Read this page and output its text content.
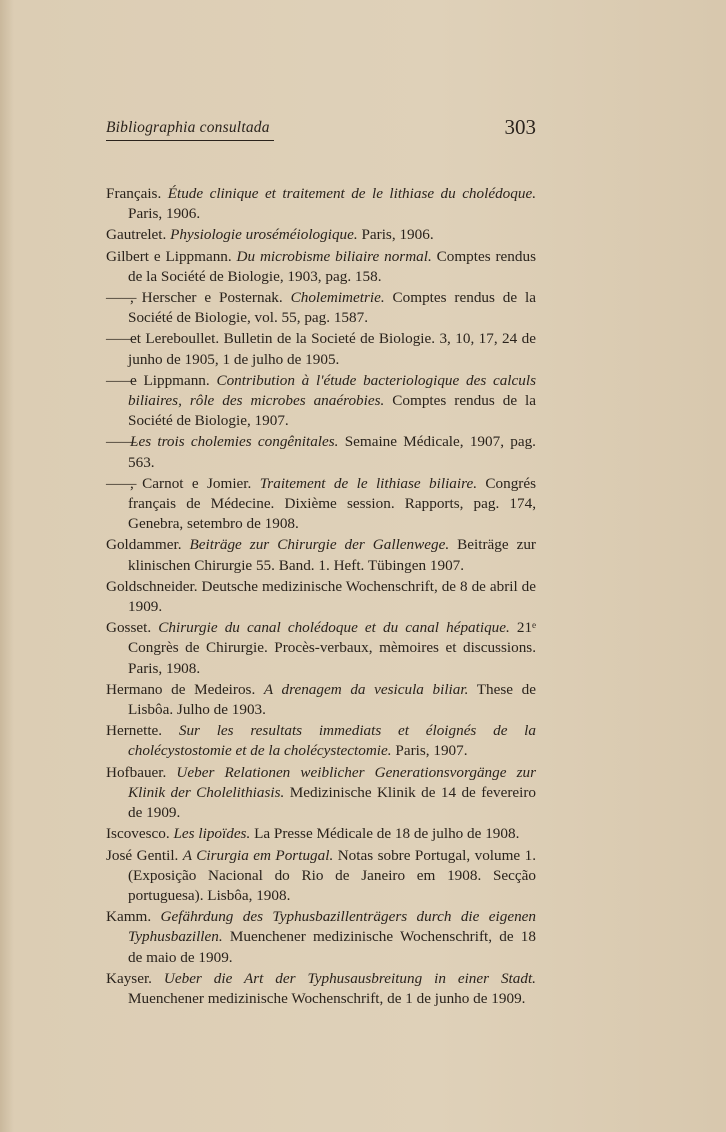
Bibliographia consultada	303
Français. Étude clinique et traitement de le lithiase du cholédoque. Paris, 1906.
Gautrelet. Physiologie uroséméiologique. Paris, 1906.
Gilbert e Lippmann. Du microbisme biliaire normal. Comptes rendus de la Société de Biologie, 1903, pag. 158.
——, Herscher e Posternak. Cholemimetrie. Comptes rendus de la Société de Biologie, vol. 55, pag. 1587.
——et Lereboullet. Bulletin de la Societé de Biologie. 3, 10, 17, 24 de junho de 1905, 1 de julho de 1905.
——e Lippmann. Contribution à l'étude bacteriologique des calculs biliaires, rôle des microbes anaérobies. Comptes rendus de la Société de Biologie, 1907.
——Les trois cholemies congênitales. Semaine Médicale, 1907, pag. 563.
——, Carnot e Jomier. Traitement de le lithiase biliaire. Congrés français de Médecine. Dixième session. Rapports, pag. 174, Genebra, setembro de 1908.
Goldammer. Beiträge zur Chirurgie der Gallenwege. Beiträge zur klinischen Chirurgie 55. Band. 1. Heft. Tübingen 1907.
Goldschneider. Deutsche medizinische Wochenschrift, de 8 de abril de 1909.
Gosset. Chirurgie du canal cholédoque et du canal hépatique. 21ᵉ Congrès de Chirurgie. Procès-verbaux, mèmoires et discussions. Paris, 1908.
Hermano de Medeiros. A drenagem da vesicula biliar. These de Lisbôa. Julho de 1903.
Hernette. Sur les resultats immediats et éloignés de la cholécystostomie et de la cholécystectomie. Paris, 1907.
Hofbauer. Ueber Relationen weiblicher Generationsvorgänge zur Klinik der Cholelithiasis. Medizinische Klinik de 14 de fevereiro de 1909.
Iscovesco. Les lipoïdes. La Presse Médicale de 18 de julho de 1908.
José Gentil. A Cirurgia em Portugal. Notas sobre Portugal, volume 1. (Exposição Nacional do Rio de Janeiro em 1908. Secção portuguesa). Lisbôa, 1908.
Kamm. Gefährdung des Typhusbazillenträgers durch die eigenen Typhusbazillen. Muenchener medizinische Wochenschrift, de 18 de maio de 1909.
Kayser. Ueber die Art der Typhusausbreitung in einer Stadt. Muenchener medizinische Wochenschrift, de 1 de junho de 1909.
